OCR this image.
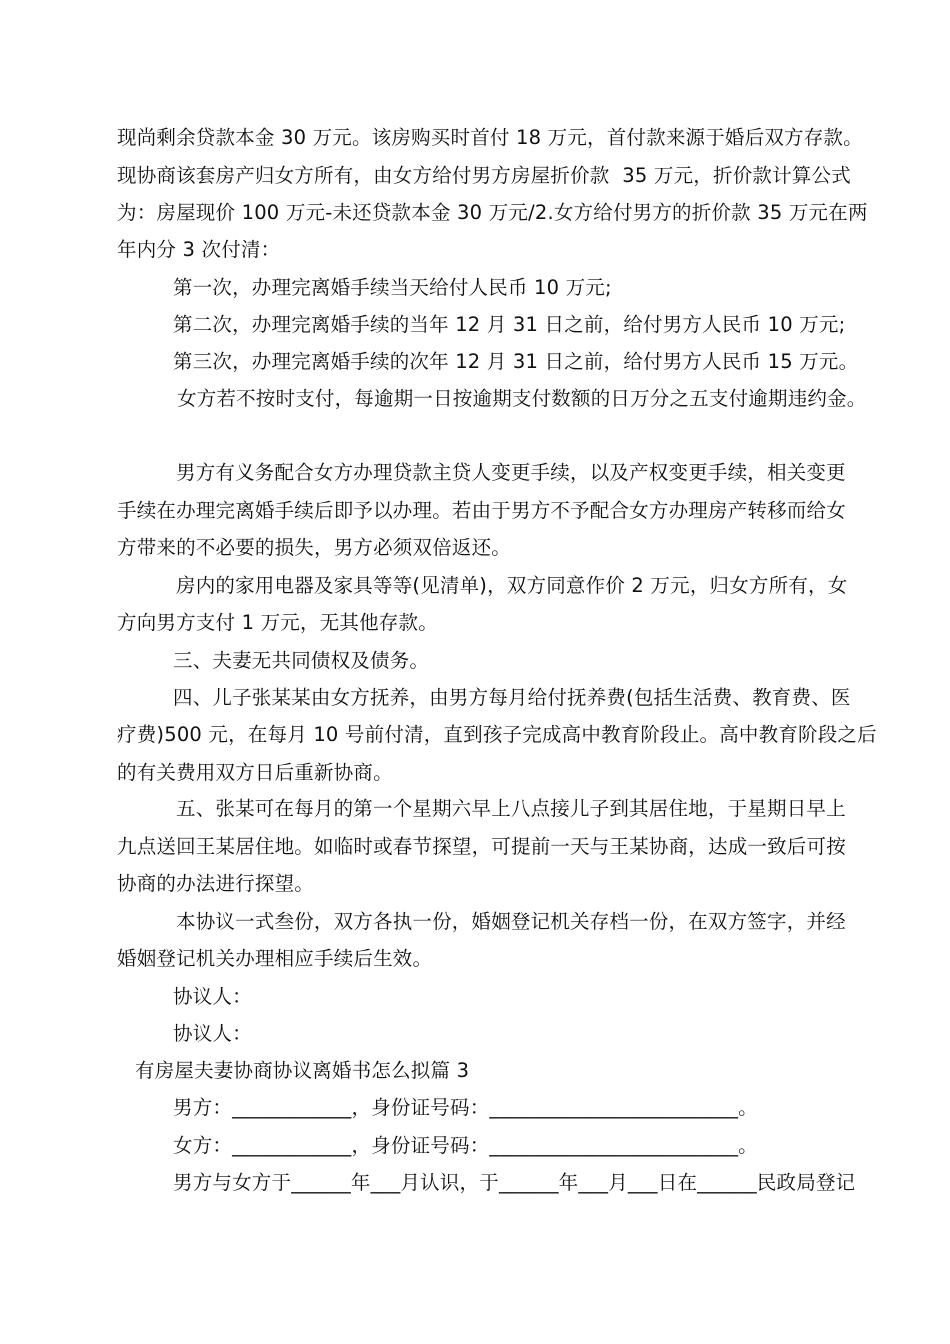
现尚剩余贷款本金 30 万元。该房购买时首付 18 万元，首付款来源于婚后双方存款。
现协商该套房产归女方所有，由女方给付男方房屋折价款  35 万元，折价款计算公式
为：房屋现价 100 万元-未还贷款本金 30 万元/2.女方给付男方的折价款 35 万元在两
年内分 3 次付清：
第一次，办理完离婚手续当天给付人民币 10 万元;
第二次，办理完离婚手续的当年 12 月 31 日之前，给付男方人民币 10 万元;
第三次，办理完离婚手续的次年 12 月 31 日之前，给付男方人民币 15 万元。
女方若不按时支付，每逾期一日按逾期支付数额的日万分之五支付逾期违约金。
男方有义务配合女方办理贷款主贷人变更手续，以及产权变更手续，相关变更
手续在办理完离婚手续后即予以办理。若由于男方不予配合女方办理房产转移而给女
方带来的不必要的损失，男方必须双倍返还。
房内的家用电器及家具等等(见清单)，双方同意作价 2 万元，归女方所有，女
方向男方支付 1 万元，无其他存款。
三、夫妻无共同债权及债务。
四、儿子张某某由女方抚养，由男方每月给付抚养费(包括生活费、教育费、医
疗费)500 元，在每月 10 号前付清，直到孩子完成高中教育阶段止。高中教育阶段之后
的有关费用双方日后重新协商。
五、张某可在每月的第一个星期六早上八点接儿子到其居住地，于星期日早上
九点送回王某居住地。如临时或春节探望，可提前一天与王某协商，达成一致后可按
协商的办法进行探望。
本协议一式叁份，双方各执一份，婚姻登记机关存档一份，在双方签字，并经
婚姻登记机关办理相应手续后生效。
协议人：
协议人：
有房屋夫妻协商协议离婚书怎么拟篇 3
男方：____________，身份证号码：_________________________。
女方：____________，身份证号码：_________________________。
男方与女方于______年___月认识，于______年___月___日在______民政局登记
